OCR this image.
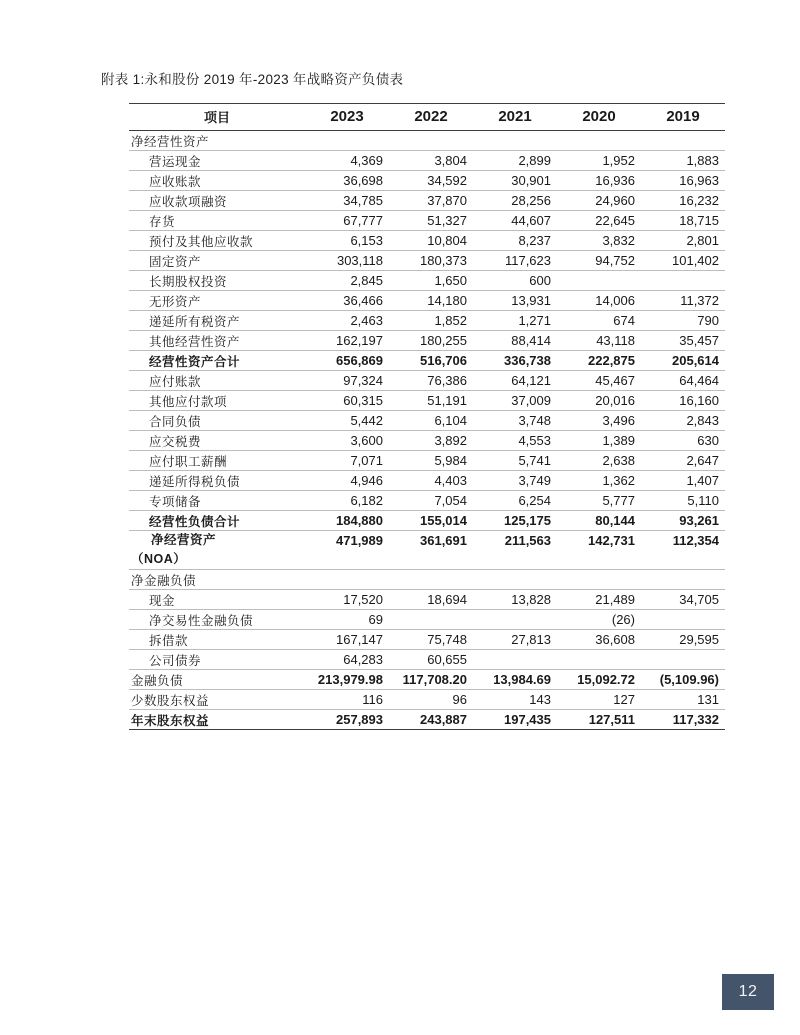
附表 1:永和股份 2019 年-2023 年战略资产负债表
项目	2023	2022	2021	2020	2019
净经营性资产					
营运现金	4,369	3,804	2,899	1,952	1,883
应收账款	36,698	34,592	30,901	16,936	16,963
应收款项融资	34,785	37,870	28,256	24,960	16,232
存货	67,777	51,327	44,607	22,645	18,715
预付及其他应收款	6,153	10,804	8,237	3,832	2,801
固定资产	303,118	180,373	117,623	94,752	101,402
长期股权投资	2,845	1,650	600		
无形资产	36,466	14,180	13,931	14,006	11,372
递延所有税资产	2,463	1,852	1,271	674	790
其他经营性资产	162,197	180,255	88,414	43,118	35,457
经营性资产合计	656,869	516,706	336,738	222,875	205,614
应付账款	97,324	76,386	64,121	45,467	64,464
其他应付款项	60,315	51,191	37,009	20,016	16,160
合同负债	5,442	6,104	3,748	3,496	2,843
应交税费	3,600	3,892	4,553	1,389	630
应付职工薪酬	7,071	5,984	5,741	2,638	2,647
递延所得税负债	4,946	4,403	3,749	1,362	1,407
专项储备	6,182	7,054	6,254	5,777	5,110
经营性负债合计	184,880	155,014	125,175	80,144	93,261

净经营资产
（NOA）	471,989	361,691	211,563	142,731	112,354
净金融负债					
现金	17,520	18,694	13,828	21,489	34,705
净交易性金融负债	69			(26)	
拆借款	167,147	75,748	27,813	36,608	29,595
公司债券	64,283	60,655			
金融负债	213,979.98	117,708.20	13,984.69	15,092.72	(5,109.96)
少数股东权益	116	96	143	127	131
年末股东权益	257,893	243,887	197,435	127,511	117,332
12
